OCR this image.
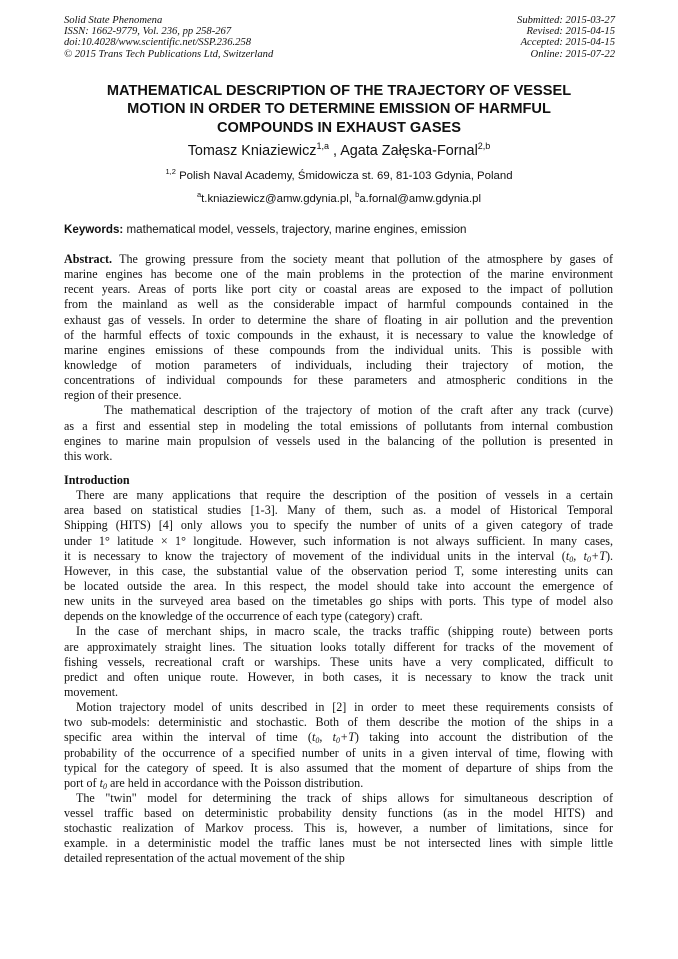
Solid State Phenomena
ISSN: 1662-9779, Vol. 236, pp 258-267
doi:10.4028/www.scientific.net/SSP.236.258
© 2015 Trans Tech Publications Ltd, Switzerland
Submitted: 2015-03-27
Revised: 2015-04-15
Accepted: 2015-04-15
Online: 2015-07-22
MATHEMATICAL DESCRIPTION OF THE TRAJECTORY OF VESSEL
MOTION IN ORDER TO DETERMINE EMISSION OF HARMFUL
COMPOUNDS IN EXHAUST GASES
Tomasz Kniaziewicz$^{1,a}$ , Agata Załęska-Fornal$^{2,b}$
$^{1,2}$ Polish Naval Academy, Śmidowicza st. 69, 81-103 Gdynia, Poland
$^a$t.kniaziewicz@amw.gdynia.pl, $^b$a.fornal@amw.gdynia.pl
Keywords: mathematical model, vessels, trajectory, marine engines, emission
Abstract. The growing pressure from the society meant that pollution of the atmosphere by gases of
marine engines has become one of the main problems in the protection of the marine environment
recent years. Areas of ports like port city or coastal areas are exposed to the impact of pollution
from the mainland as well as the considerable impact of harmful compounds contained in the
exhaust gas of vessels. In order to determine the share of floating in air pollution and the prevention
of the harmful effects of toxic compounds in the exhaust, it is necessary to value the knowledge of
marine engines emissions of these compounds from the individual units. This is possible with
knowledge of motion parameters of individuals, including their trajectory of motion, the
concentrations of individual compounds for these parameters and atmospheric conditions in the
region of their presence.
The mathematical description of the trajectory of motion of the craft after any track (curve)
as a first and essential step in modeling the total emissions of pollutants from internal combustion
engines to marine main propulsion of vessels used in the balancing of the pollution is presented in
this work.
Introduction
There are many applications that require the description of the position of vessels in a certain
area based on statistical studies [1-3]. Many of them, such as. a model of Historical Temporal
Shipping (HITS) [4] only allows you to specify the number of units of a given category of trade
under 1° latitude × 1° longitude. However, such information is not always sufficient. In many cases,
it is necessary to know the trajectory of movement of the individual units in the interval ($t_0$, $t_0+T$).
However, in this case, the substantial value of the observation period T, some interesting units can
be located outside the area. In this respect, the model should take into account the emergence of
new units in the surveyed area based on the timetables go ships with ports. This type of model also
depends on the knowledge of the occurrence of each type (category) craft.
In the case of merchant ships, in macro scale, the tracks traffic (shipping route) between ports
are approximately straight lines. The situation looks totally different for tracks of the movement of
fishing vessels, recreational craft or warships. These units have a very complicated, difficult to
predict and often unique route. However, in both cases, it is necessary to know the track unit
movement.
Motion trajectory model of units described in [2] in order to meet these requirements consists of
two sub-models: deterministic and stochastic. Both of them describe the motion of the ships in a
specific area within the interval of time ($t_0$, $t_0+T$) taking into account the distribution of the
probability of the occurrence of a specified number of units in a given interval of time, flowing with
typical for the category of speed. It is also assumed that the moment of departure of ships from the
port of $t_0$ are held in accordance with the Poisson distribution.
The "twin" model for determining the track of ships allows for simultaneous description of
vessel traffic based on deterministic probability density functions (as in the model HITS) and
stochastic realization of Markov process. This is, however, a number of limitations, since for
example. in a deterministic model the traffic lanes must be not intersected lines with simple little
detailed representation of the actual movement of the ship
